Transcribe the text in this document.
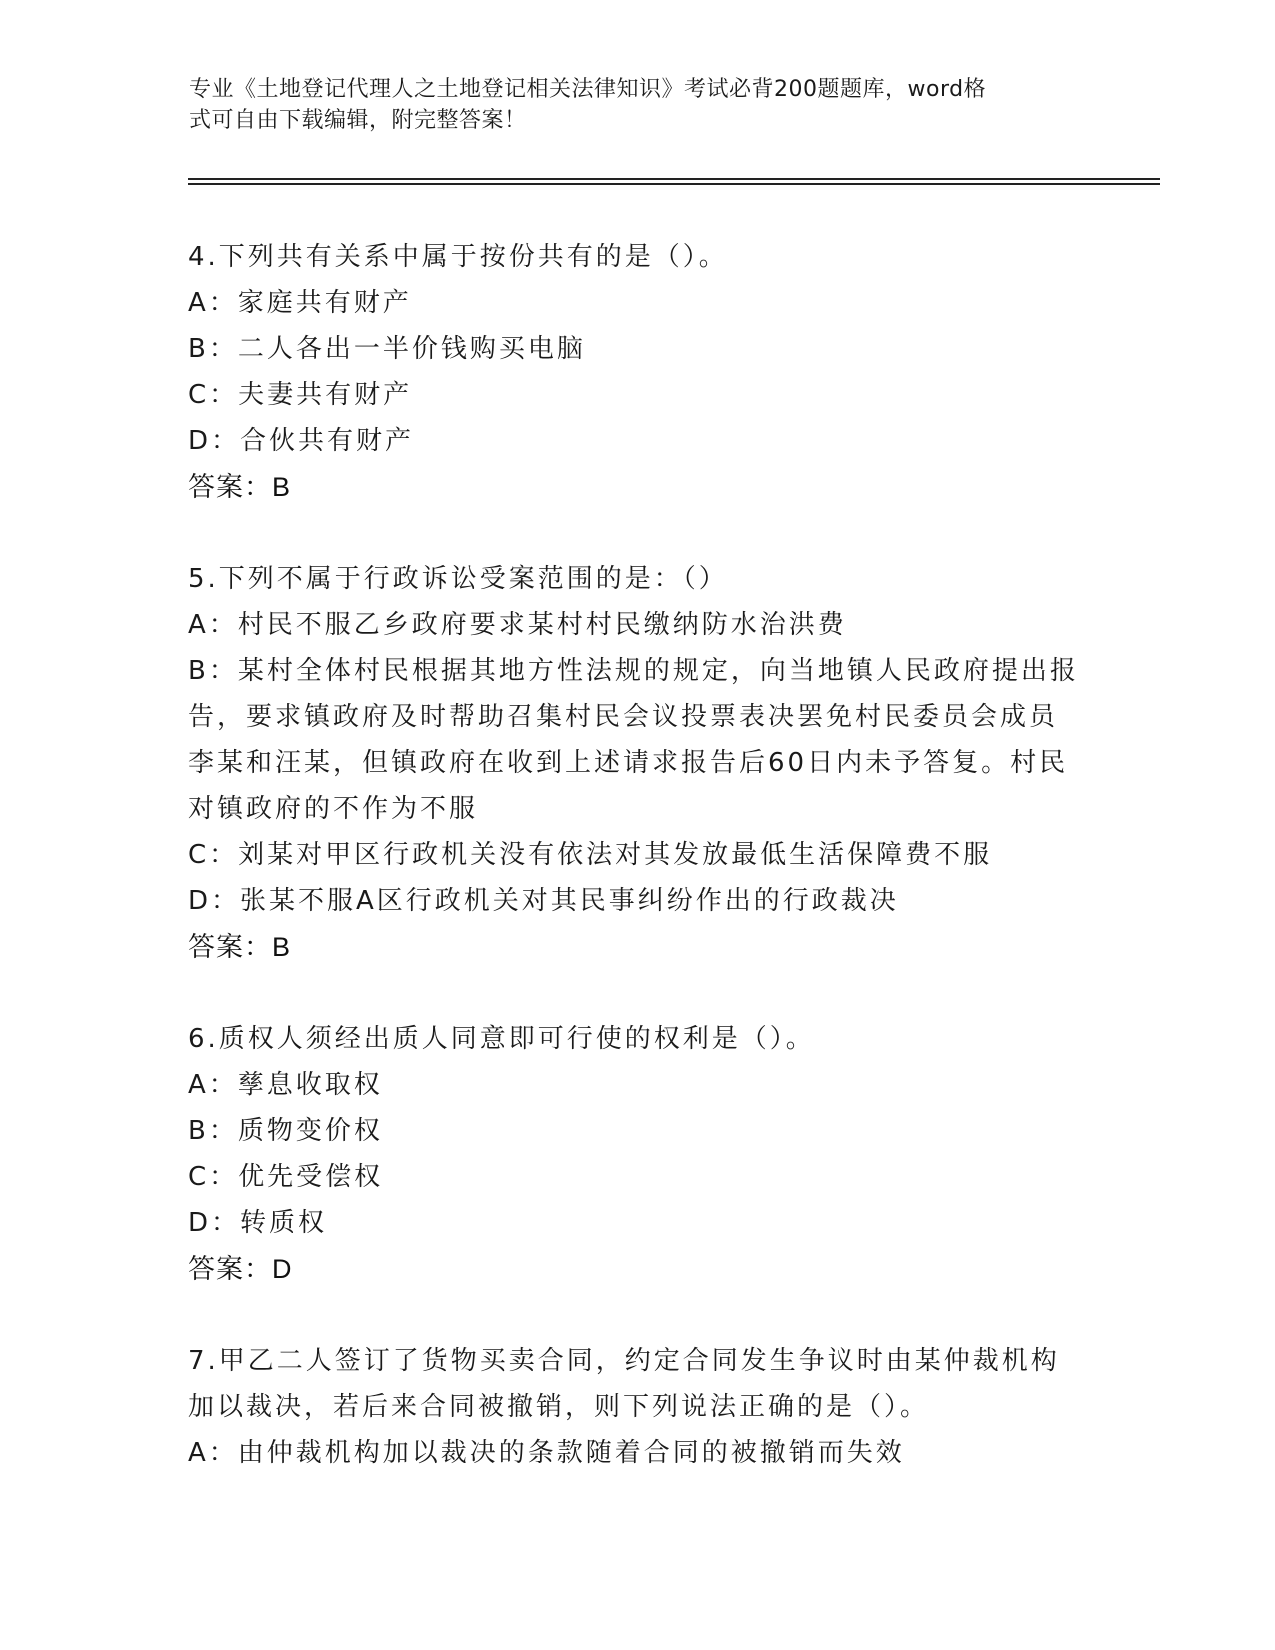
专业《土地登记代理人之土地登记相关法律知识》考试必背200题题库，word格
式可自由下载编辑，附完整答案！
4.下列共有关系中属于按份共有的是（）。
A：家庭共有财产
B：二人各出一半价钱购买电脑
C：夫妻共有财产
D：合伙共有财产
答案：B
5.下列不属于行政诉讼受案范围的是：（）
A：村民不服乙乡政府要求某村村民缴纳防水治洪费
B：某村全体村民根据其地方性法规的规定，向当地镇人民政府提出报
告，要求镇政府及时帮助召集村民会议投票表决罢免村民委员会成员
李某和汪某，但镇政府在收到上述请求报告后60日内未予答复。村民
对镇政府的不作为不服
C：刘某对甲区行政机关没有依法对其发放最低生活保障费不服
D：张某不服A区行政机关对其民事纠纷作出的行政裁决
答案：B
6.质权人须经出质人同意即可行使的权利是（）。
A：孳息收取权
B：质物变价权
C：优先受偿权
D：转质权
答案：D
7.甲乙二人签订了货物买卖合同，约定合同发生争议时由某仲裁机构
加以裁决，若后来合同被撤销，则下列说法正确的是（）。
A：由仲裁机构加以裁决的条款随着合同的被撤销而失效
